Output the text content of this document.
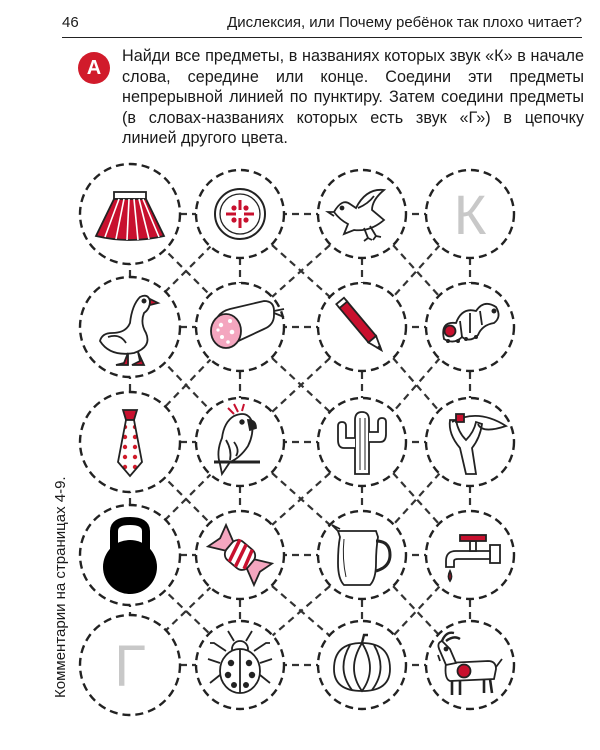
46	Дислексия, или Почему ребёнок так плохо читает?
А
Найди все предметы, в названиях которых звук «К» в начале слова, середине или конце. Соедини эти предметы непрерывной линией по пунктиру. Затем соедини предметы (в словах-названиях которых есть звук «Г») в цепочку линией другого цвета.
Комментарии на страницах 4-9.
К
Г
